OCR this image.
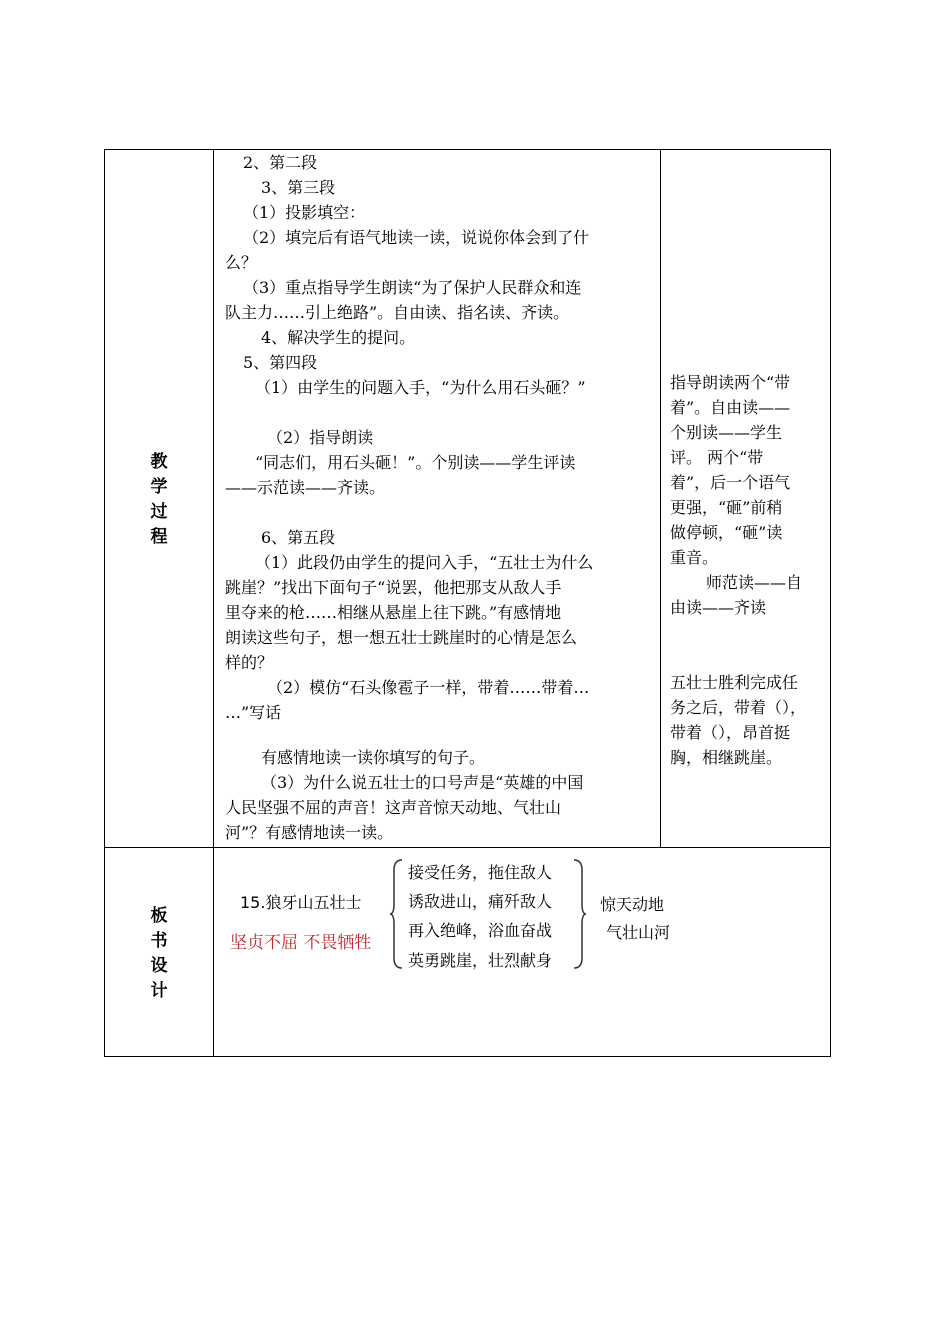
教
学
过
程
板
书
设
计
2、第二段
3、第三段
（1）投影填空：
（2）填完后有语气地读一读，说说你体会到了什
么？
（3）重点指导学生朗读“为了保护人民群众和连
队主力……引上绝路”。自由读、指名读、齐读。
4、解决学生的提问。
5、第四段
（1）由学生的问题入手，“为什么用石头砸？”
（2）指导朗读
“同志们，用石头砸！”。个别读——学生评读
——示范读——齐读。
6、第五段
（1）此段仍由学生的提问入手，“五壮士为什么
跳崖？”找出下面句子“说罢，他把那支从敌人手
里夺来的枪……相继从悬崖上往下跳。”有感情地
朗读这些句子，想一想五壮士跳崖时的心情是怎么
样的？
（2）模仿“石头像雹子一样，带着……带着…
…”写话
有感情地读一读你填写的句子。
（3）为什么说五壮士的口号声是“英雄的中国
人民坚强不屈的声音！这声音惊天动地、气壮山
河”？有感情地读一读。
指导朗读两个“带
着”。自由读——
个别读——学生
评。 两个“带
着”，后一个语气
更强，“砸”前稍
做停顿，“砸”读
重音。
师范读——自
由读——齐读
五壮士胜利完成任
务之后，带着（），
带着（），昂首挺
胸，相继跳崖。
15.狼牙山五壮士
坚贞不屈 不畏牺牲
接受任务，拖住敌人
诱敌进山，痛歼敌人
再入绝峰，浴血奋战
英勇跳崖，壮烈献身
惊天动地
气壮山河
